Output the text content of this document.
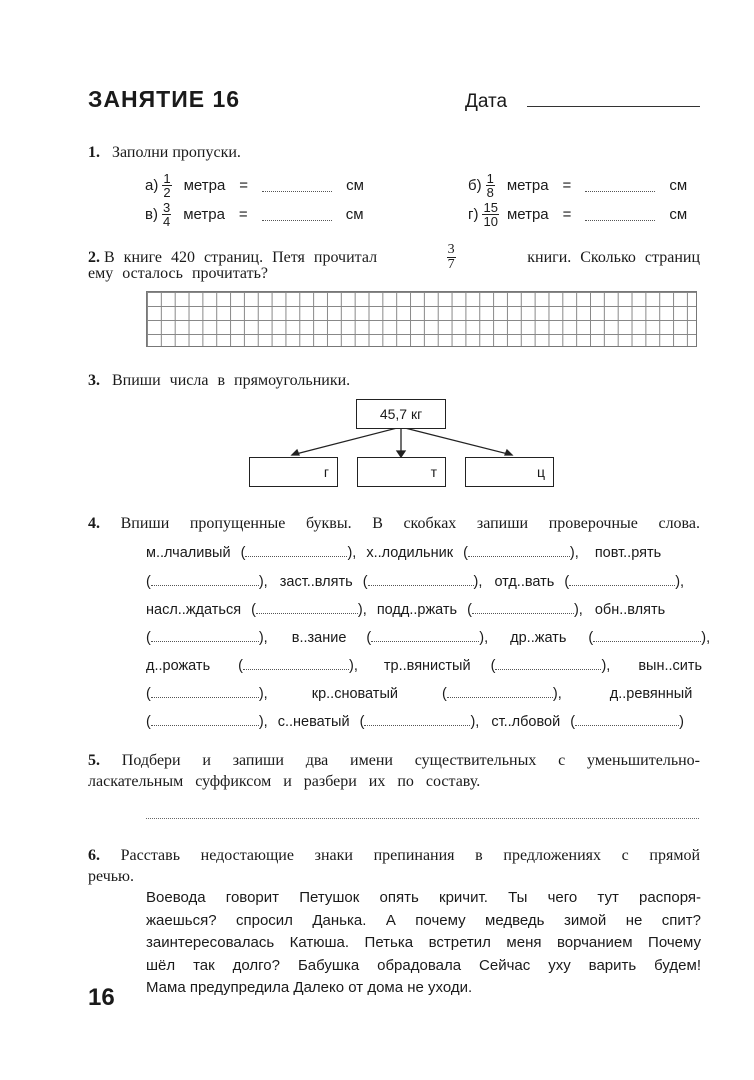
ЗАНЯТИЕ 16	Дата
1. Заполни пропуски.
$а) \frac{1}{2}$ метра =	см	$б) \frac{1}{8}$ метра =	см
$в) \frac{3}{4}$ метра =	см	$г) \frac{15}{10}$ метра =	см
2. В книге 420 страниц. Петя прочитал	$\frac{3}{7}$	книги. Сколько страниц
ему осталось прочитать?
3. Впиши числа в прямоугольники.
45,7 кг
г	т	ц
4. Впиши пропущенные буквы. В скобках запиши проверочные слова.
м..лчаливый (	), х..лодильник (	), повт..рять
(	), заст..влять (	), отд..вать (	),
насл..ждаться (	), подд..ржать (	), обн..влять
(	), в..зание (	), др..жать (	),
д..рожать (	), тр..вянистый (	), вын..сить
(	),	кр..сноватый	(	),	д..ревянный
(	), с..неватый (	), ст..лбовой (	)
5. Подбери и запиши два имени существительных с уменьшительно-
ласкательным суффиксом и разбери их по составу.
6. Расставь недостающие знаки препинания в предложениях с прямой
речью.
Воевода говорит Петушок опять кричит. Ты чего тут распоря-
жаешься? спросил Данька. А почему медведь зимой не спит?
заинтересовалась Катюша. Петька встретил меня ворчанием Почему
шёл так долго? Бабушка обрадовала Сейчас уху варить будем!
Мама предупредила Далеко от дома не уходи.
16
